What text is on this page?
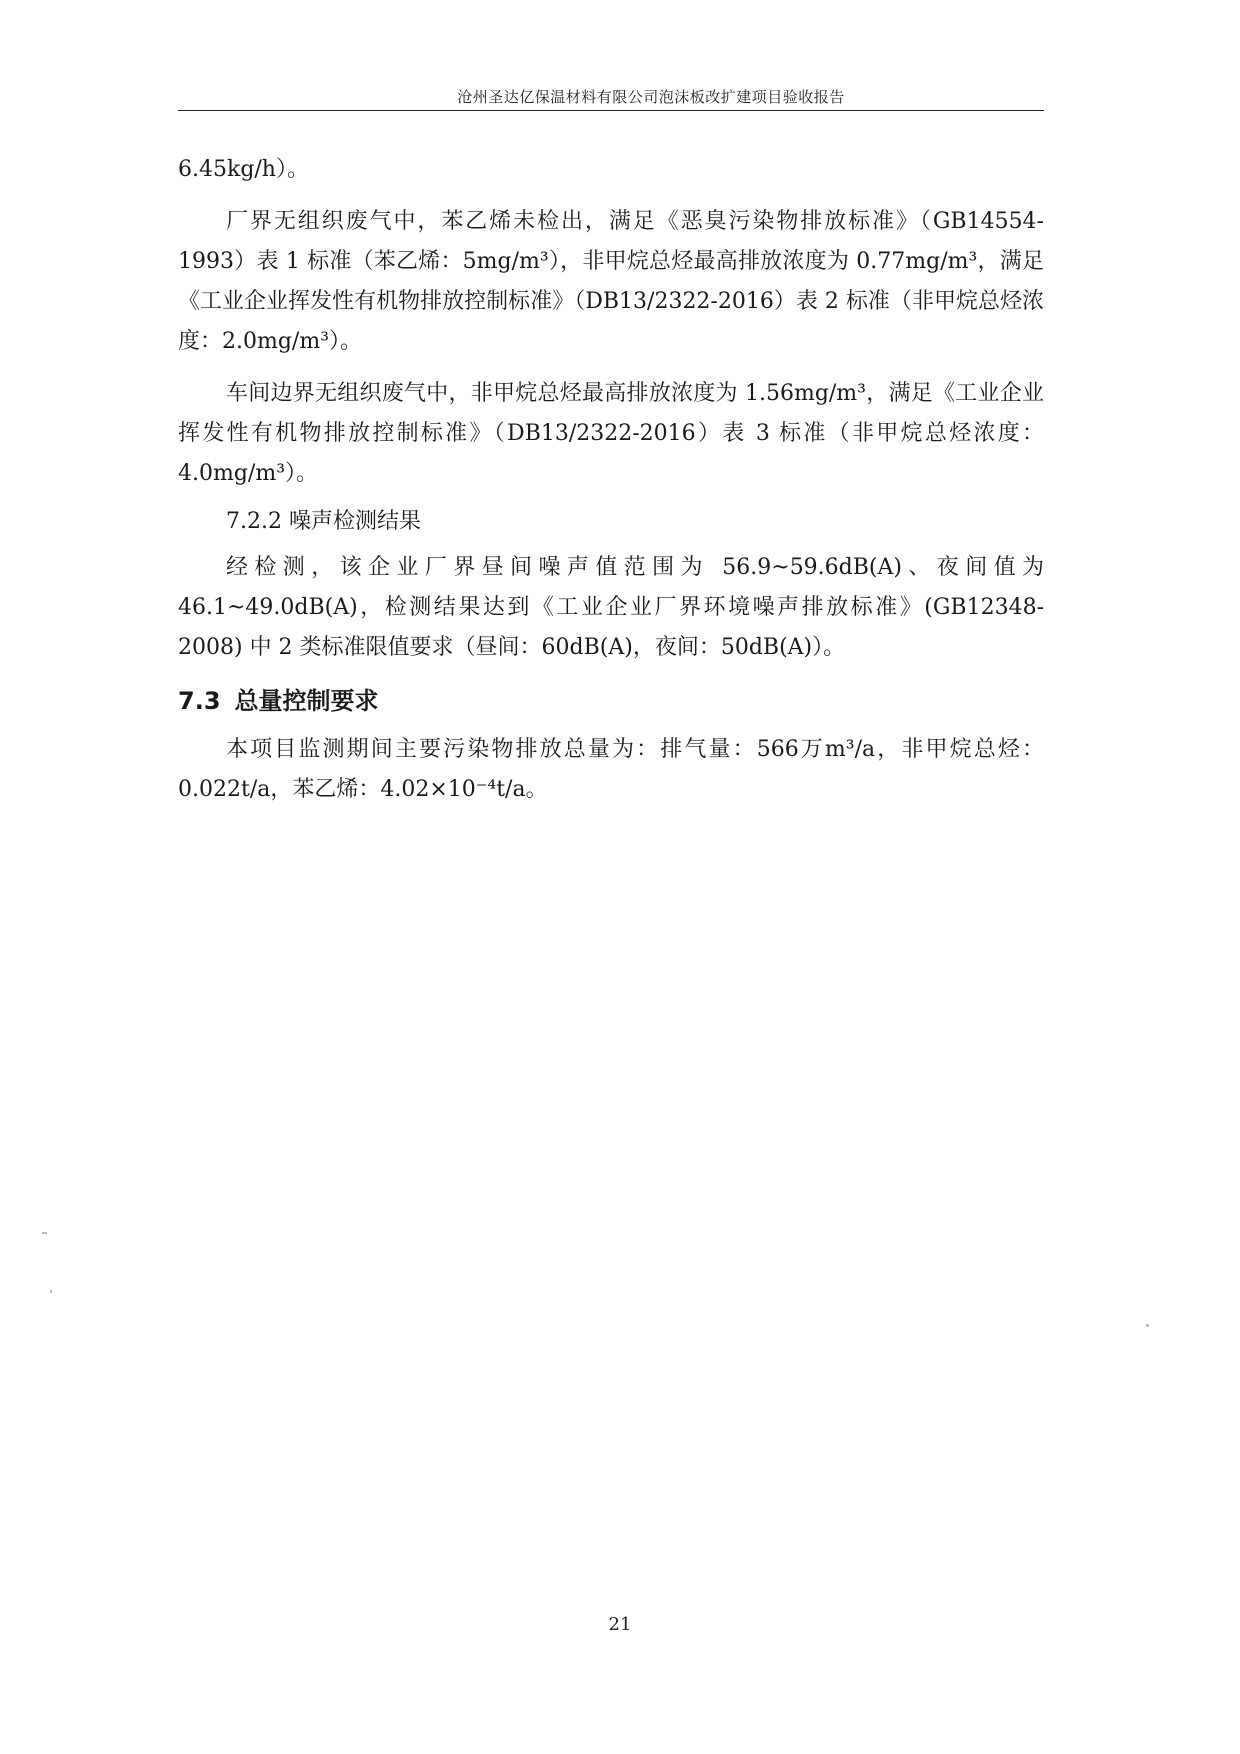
沧州圣达亿保温材料有限公司泡沫板改扩建项目验收报告

6.45kg/h）。

厂界无组织废气中，苯乙烯未检出，满足《恶臭污染物排放标准》（GB14554-1993）表 1 标准（苯乙烯：5mg/m³），非甲烷总烃最高排放浓度为 0.77mg/m³，满足《工业企业挥发性有机物排放控制标准》（DB13/2322-2016）表 2 标准（非甲烷总烃浓度：2.0mg/m³）。

车间边界无组织废气中，非甲烷总烃最高排放浓度为 1.56mg/m³，满足《工业企业挥发性有机物排放控制标准》（DB13/2322-2016）表 3 标准（非甲烷总烃浓度：4.0mg/m³）。

7.2.2 噪声检测结果

经检测，该企业厂界昼间噪声值范围为 56.9~59.6dB(A)、夜间值为 46.1~49.0dB(A)，检测结果达到《工业企业厂界环境噪声排放标准》(GB12348-2008) 中 2 类标准限值要求（昼间：60dB(A)，夜间：50dB(A)）。

7.3 总量控制要求

本项目监测期间主要污染物排放总量为：排气量：566万m³/a，非甲烷总烃：0.022t/a，苯乙烯：4.02×10⁻⁴t/a。

21
